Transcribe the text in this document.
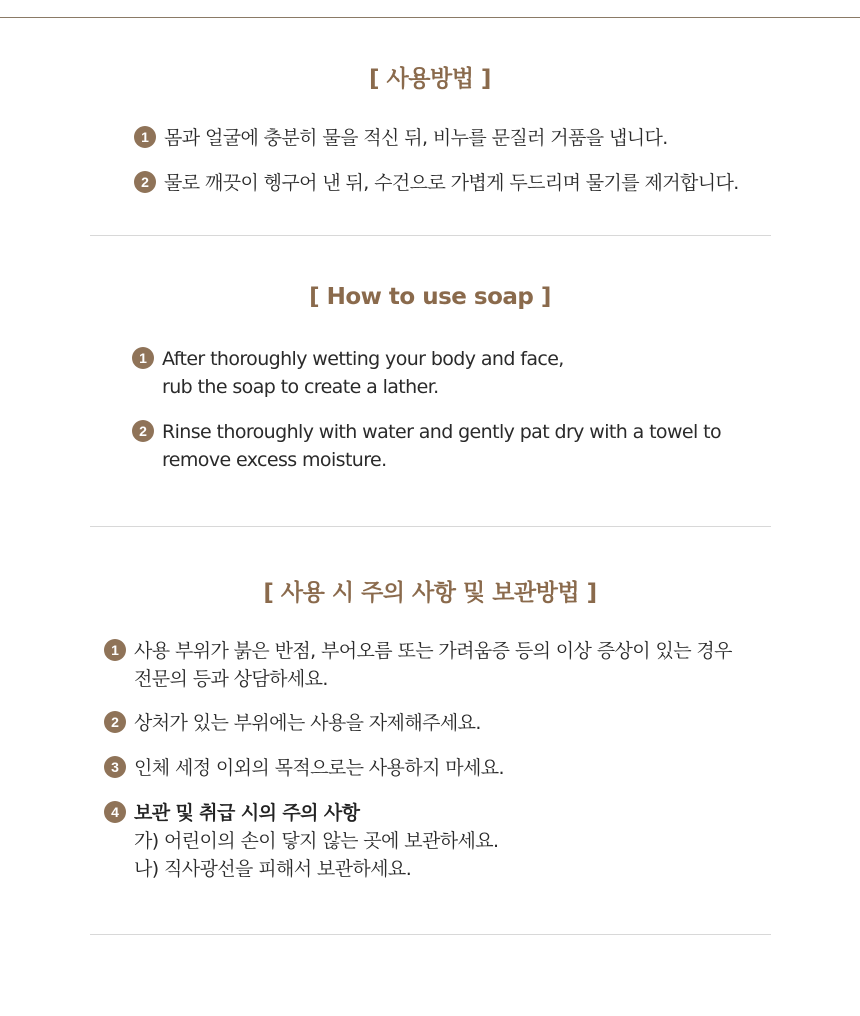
[ 사용방법 ]
1 몸과 얼굴에 충분히 물을 적신 뒤, 비누를 문질러 거품을 냅니다.
2 물로 깨끗이 헹구어 낸 뒤, 수건으로 가볍게 두드리며 물기를 제거합니다.
[ How to use soap ]
1 After thoroughly wetting your body and face,
rub the soap to create a lather.
2 Rinse thoroughly with water and gently pat dry with a towel to
remove excess moisture.
[ 사용 시 주의 사항 및 보관방법 ]
1 사용 부위가 붉은 반점, 부어오름 또는 가려움증 등의 이상 증상이 있는 경우
전문의 등과 상담하세요.
2 상처가 있는 부위에는 사용을 자제해주세요.
3 인체 세정 이외의 목적으로는 사용하지 마세요.
4 보관 및 취급 시의 주의 사항
가) 어린이의 손이 닿지 않는 곳에 보관하세요.
나) 직사광선을 피해서 보관하세요.
